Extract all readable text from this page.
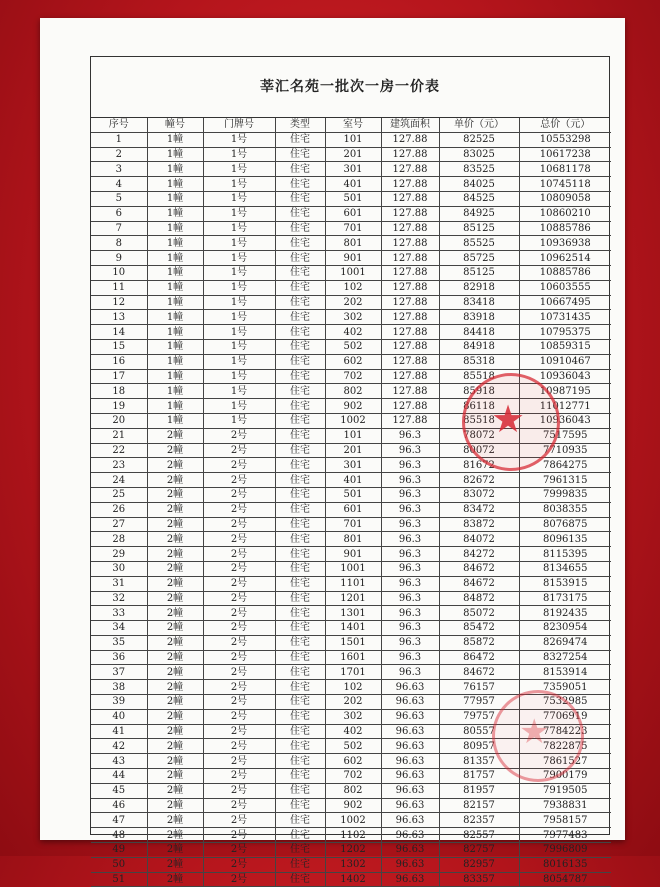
莘汇名苑一批次一房一价表
序号	幢号	门牌号	类型	室号	建筑面积	单价（元）	总价（元）
1	1幢	1号	住宅	101	127.88	82525	10553298
2	1幢	1号	住宅	201	127.88	83025	10617238
3	1幢	1号	住宅	301	127.88	83525	10681178
4	1幢	1号	住宅	401	127.88	84025	10745118
5	1幢	1号	住宅	501	127.88	84525	10809058
6	1幢	1号	住宅	601	127.88	84925	10860210
7	1幢	1号	住宅	701	127.88	85125	10885786
8	1幢	1号	住宅	801	127.88	85525	10936938
9	1幢	1号	住宅	901	127.88	85725	10962514
10	1幢	1号	住宅	1001	127.88	85125	10885786
11	1幢	1号	住宅	102	127.88	82918	10603555
12	1幢	1号	住宅	202	127.88	83418	10667495
13	1幢	1号	住宅	302	127.88	83918	10731435
14	1幢	1号	住宅	402	127.88	84418	10795375
15	1幢	1号	住宅	502	127.88	84918	10859315
16	1幢	1号	住宅	602	127.88	85318	10910467
17	1幢	1号	住宅	702	127.88	85518	10936043
18	1幢	1号	住宅	802	127.88	85918	10987195
19	1幢	1号	住宅	902	127.88	86118	11012771
20	1幢	1号	住宅	1002	127.88	85518	10936043
21	2幢	2号	住宅	101	96.3	78072	7517595
22	2幢	2号	住宅	201	96.3	80072	7710935
23	2幢	2号	住宅	301	96.3	81672	7864275
24	2幢	2号	住宅	401	96.3	82672	7961315
25	2幢	2号	住宅	501	96.3	83072	7999835
26	2幢	2号	住宅	601	96.3	83472	8038355
27	2幢	2号	住宅	701	96.3	83872	8076875
28	2幢	2号	住宅	801	96.3	84072	8096135
29	2幢	2号	住宅	901	96.3	84272	8115395
30	2幢	2号	住宅	1001	96.3	84672	8134655
31	2幢	2号	住宅	1101	96.3	84672	8153915
32	2幢	2号	住宅	1201	96.3	84872	8173175
33	2幢	2号	住宅	1301	96.3	85072	8192435
34	2幢	2号	住宅	1401	96.3	85472	8230954
35	2幢	2号	住宅	1501	96.3	85872	8269474
36	2幢	2号	住宅	1601	96.3	86472	8327254
37	2幢	2号	住宅	1701	96.3	84672	8153914
38	2幢	2号	住宅	102	96.63	76157	7359051
39	2幢	2号	住宅	202	96.63	77957	7532985
40	2幢	2号	住宅	302	96.63	79757	7706919
41	2幢	2号	住宅	402	96.63	80557	7784223
42	2幢	2号	住宅	502	96.63	80957	7822875
43	2幢	2号	住宅	602	96.63	81357	7861527
44	2幢	2号	住宅	702	96.63	81757	7900179
45	2幢	2号	住宅	802	96.63	81957	7919505
46	2幢	2号	住宅	902	96.63	82157	7938831
47	2幢	2号	住宅	1002	96.63	82357	7958157
48	2幢	2号	住宅	1102	96.63	82557	7977483
49	2幢	2号	住宅	1202	96.63	82757	7996809
50	2幢	2号	住宅	1302	96.63	82957	8016135
51	2幢	2号	住宅	1402	96.63	83357	8054787
★
★
